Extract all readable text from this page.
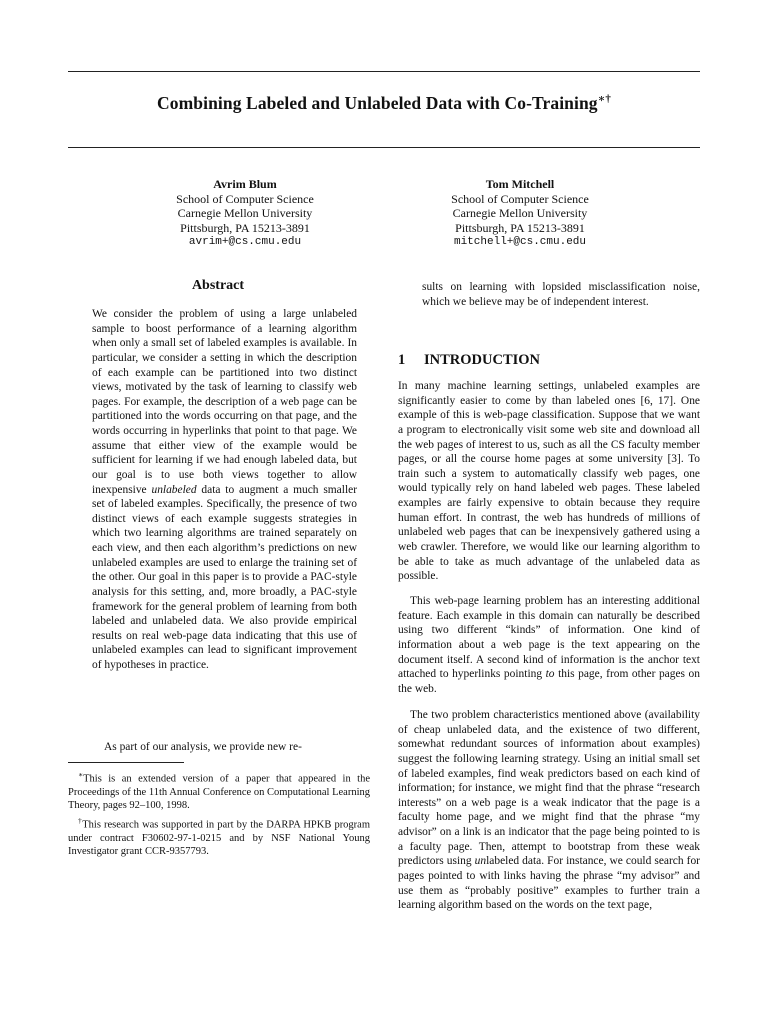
Combining Labeled and Unlabeled Data with Co-Training∗†
Avrim Blum
School of Computer Science
Carnegie Mellon University
Pittsburgh, PA 15213-3891
avrim+@cs.cmu.edu
Tom Mitchell
School of Computer Science
Carnegie Mellon University
Pittsburgh, PA 15213-3891
mitchell+@cs.cmu.edu
Abstract

We consider the problem of using a large unlabeled sample to boost performance of a learning algorithm when only a small set of labeled examples is available. In particular, we consider a setting in which the description of each example can be partitioned into two distinct views, motivated by the task of learning to classify web pages. For example, the description of a web page can be partitioned into the words occurring on that page, and the words occurring in hyperlinks that point to that page. We assume that either view of the example would be sufficient for learning if we had enough labeled data, but our goal is to use both views together to allow inexpensive unlabeled data to augment a much smaller set of labeled examples. Specifically, the presence of two distinct views of each example suggests strategies in which two learning algorithms are trained separately on each view, and then each algorithm’s predictions on new unlabeled examples are used to enlarge the training set of the other. Our goal in this paper is to provide a PAC-style analysis for this setting, and, more broadly, a PAC-style framework for the general problem of learning from both labeled and unlabeled data. We also provide empirical results on real web-page data indicating that this use of unlabeled examples can lead to significant improvement of hypotheses in practice.

As part of our analysis, we provide new re-

∗This is an extended version of a paper that appeared in the Proceedings of the 11th Annual Conference on Computational Learning Theory, pages 92–100, 1998.

†This research was supported in part by the DARPA HPKB program under contract F30602-97-1-0215 and by NSF National Young Investigator grant CCR-9357793.

sults on learning with lopsided misclassification noise, which we believe may be of independent interest.

1 INTRODUCTION

In many machine learning settings, unlabeled examples are significantly easier to come by than labeled ones [6, 17]. One example of this is web-page classification. Suppose that we want a program to electronically visit some web site and download all the web pages of interest to us, such as all the CS faculty member pages, or all the course home pages at some university [3]. To train such a system to automatically classify web pages, one would typically rely on hand labeled web pages. These labeled examples are fairly expensive to obtain because they require human effort. In contrast, the web has hundreds of millions of unlabeled web pages that can be inexpensively gathered using a web crawler. Therefore, we would like our learning algorithm to be able to take as much advantage of the unlabeled data as possible.

This web-page learning problem has an interesting additional feature. Each example in this domain can naturally be described using two different “kinds” of information. One kind of information about a web page is the text appearing on the document itself. A second kind of information is the anchor text attached to hyperlinks pointing to this page, from other pages on the web.

The two problem characteristics mentioned above (availability of cheap unlabeled data, and the existence of two different, somewhat redundant sources of information about examples) suggest the following learning strategy. Using an initial small set of labeled examples, find weak predictors based on each kind of information; for instance, we might find that the phrase “research interests” on a web page is a weak indicator that the page is a faculty home page, and we might find that the phrase “my advisor” on a link is an indicator that the page being pointed to is a faculty page. Then, attempt to bootstrap from these weak predictors using unlabeled data. For instance, we could search for pages pointed to with links having the phrase “my advisor” and use them as “probably positive” examples to further train a learning algorithm based on the words on the text page,
